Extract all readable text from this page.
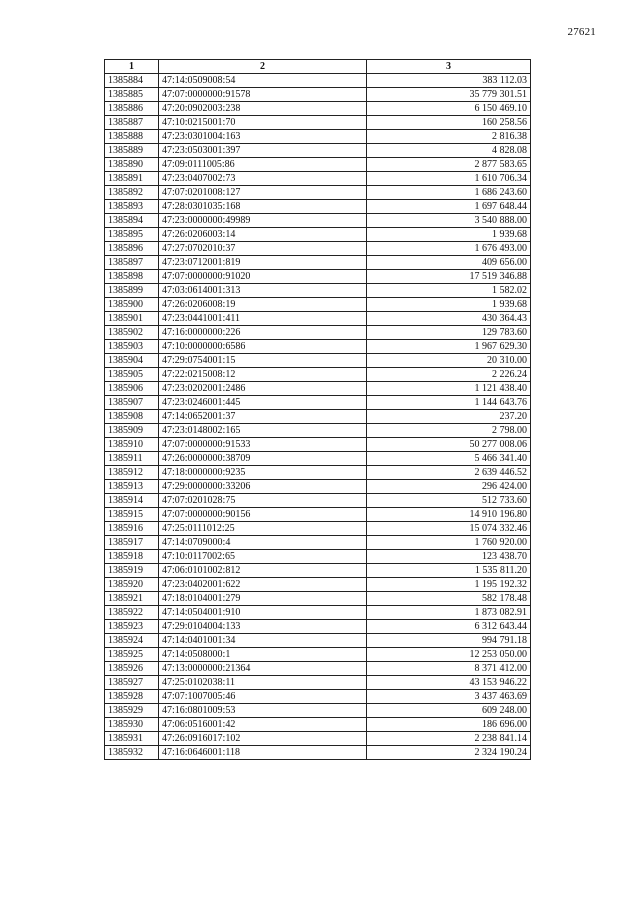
27621
1	2	3
1385884	47:14:0509008:54	383 112.03
1385885	47:07:0000000:91578	35 779 301.51
1385886	47:20:0902003:238	6 150 469.10
1385887	47:10:0215001:70	160 258.56
1385888	47:23:0301004:163	2 816.38
1385889	47:23:0503001:397	4 828.08
1385890	47:09:0111005:86	2 877 583.65
1385891	47:23:0407002:73	1 610 706.34
1385892	47:07:0201008:127	1 686 243.60
1385893	47:28:0301035:168	1 697 648.44
1385894	47:23:0000000:49989	3 540 888.00
1385895	47:26:0206003:14	1 939.68
1385896	47:27:0702010:37	1 676 493.00
1385897	47:23:0712001:819	409 656.00
1385898	47:07:0000000:91020	17 519 346.88
1385899	47:03:0614001:313	1 582.02
1385900	47:26:0206008:19	1 939.68
1385901	47:23:0441001:411	430 364.43
1385902	47:16:0000000:226	129 783.60
1385903	47:10:0000000:6586	1 967 629.30
1385904	47:29:0754001:15	20 310.00
1385905	47:22:0215008:12	2 226.24
1385906	47:23:0202001:2486	1 121 438.40
1385907	47:23:0246001:445	1 144 643.76
1385908	47:14:0652001:37	237.20
1385909	47:23:0148002:165	2 798.00
1385910	47:07:0000000:91533	50 277 008.06
1385911	47:26:0000000:38709	5 466 341.40
1385912	47:18:0000000:9235	2 639 446.52
1385913	47:29:0000000:33206	296 424.00
1385914	47:07:0201028:75	512 733.60
1385915	47:07:0000000:90156	14 910 196.80
1385916	47:25:0111012:25	15 074 332.46
1385917	47:14:0709000:4	1 760 920.00
1385918	47:10:0117002:65	123 438.70
1385919	47:06:0101002:812	1 535 811.20
1385920	47:23:0402001:622	1 195 192.32
1385921	47:18:0104001:279	582 178.48
1385922	47:14:0504001:910	1 873 082.91
1385923	47:29:0104004:133	6 312 643.44
1385924	47:14:0401001:34	994 791.18
1385925	47:14:0508000:1	12 253 050.00
1385926	47:13:0000000:21364	8 371 412.00
1385927	47:25:0102038:11	43 153 946.22
1385928	47:07:1007005:46	3 437 463.69
1385929	47:16:0801009:53	609 248.00
1385930	47:06:0516001:42	186 696.00
1385931	47:26:0916017:102	2 238 841.14
1385932	47:16:0646001:118	2 324 190.24
